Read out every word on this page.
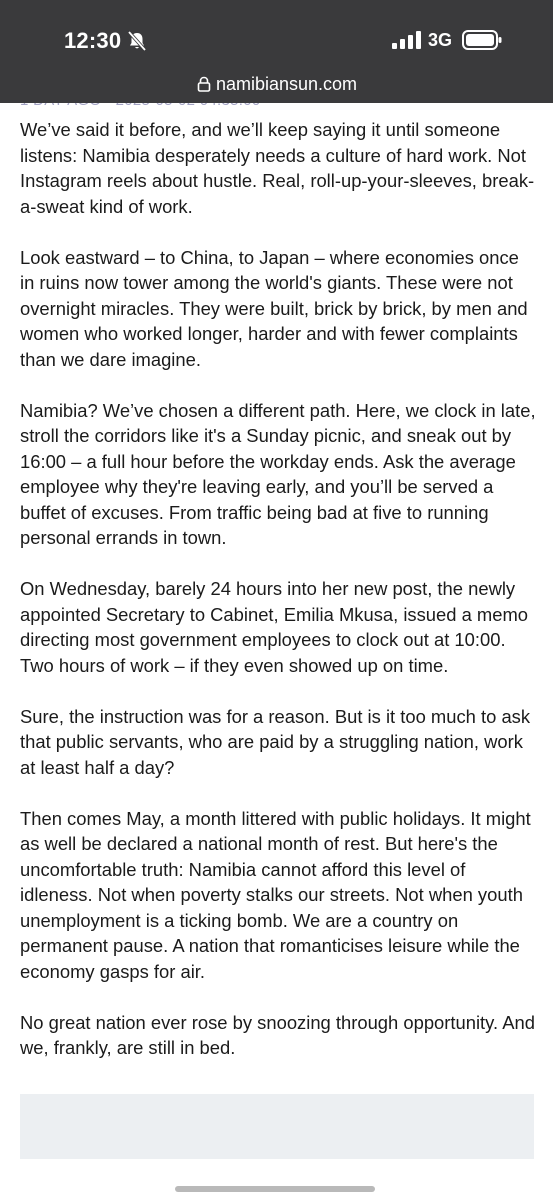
We’ve said it before, and we’ll keep saying it until someone listens: Namibia desperately needs a culture of hard work. Not Instagram reels about hustle. Real, roll-up-your-sleeves, break-a-sweat kind of work.

Look eastward – to China, to Japan – where economies once in ruins now tower among the world's giants. These were not overnight miracles. They were built, brick by brick, by men and women who worked longer, harder and with fewer complaints than we dare imagine.

Namibia? We’ve chosen a different path. Here, we clock in late, stroll the corridors like it's a Sunday picnic, and sneak out by 16:00 – a full hour before the workday ends. Ask the average employee why they're leaving early, and you’ll be served a buffet of excuses. From traffic being bad at five to running personal errands in town.

On Wednesday, barely 24 hours into her new post, the newly appointed Secretary to Cabinet, Emilia Mkusa, issued a memo directing most government employees to clock out at 10:00. Two hours of work – if they even showed up on time.

Sure, the instruction was for a reason. But is it too much to ask that public servants, who are paid by a struggling nation, work at least half a day?

Then comes May, a month littered with public holidays. It might as well be declared a national month of rest. But here's the uncomfortable truth: Namibia cannot afford this level of idleness. Not when poverty stalks our streets. Not when youth unemployment is a ticking bomb. We are a country on permanent pause. A nation that romanticises leisure while the economy gasps for air.

No great nation ever rose by snoozing through opportunity. And we, frankly, are still in bed.

12:30	3G
namibiansun.com
